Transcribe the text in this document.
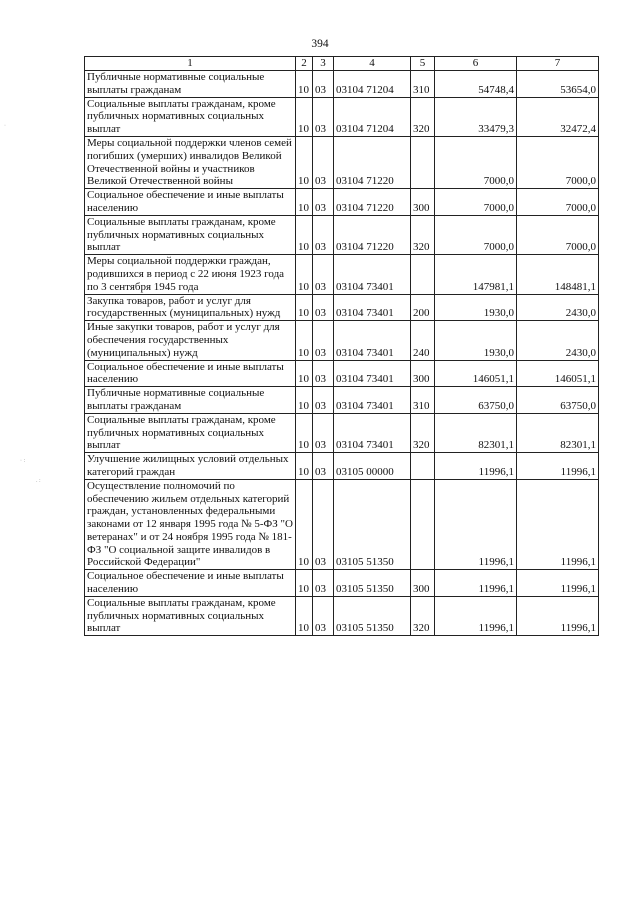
394
1	2	3	4	5	6	7
Публичные нормативные социальные выплаты гражданам	10	03	03104 71204	310	54748,4	53654,0
Социальные выплаты гражданам, кроме публичных нормативных социальных выплат	10	03	03104 71204	320	33479,3	32472,4
Меры социальной поддержки членов семей погибших (умерших) инвалидов Великой Отечественной войны и участников Великой Отечественной войны	10	03	03104 71220		7000,0	7000,0
Социальное обеспечение и иные выплаты населению	10	03	03104 71220	300	7000,0	7000,0
Социальные выплаты гражданам, кроме публичных нормативных социальных выплат	10	03	03104 71220	320	7000,0	7000,0
Меры социальной поддержки граждан, родившихся в период с 22 июня 1923 года по 3 сентября 1945 года	10	03	03104 73401		147981,1	148481,1
Закупка товаров, работ и услуг для государственных (муниципальных) нужд	10	03	03104 73401	200	1930,0	2430,0
Иные закупки товаров, работ и услуг для обеспечения государственных (муниципальных) нужд	10	03	03104 73401	240	1930,0	2430,0
Социальное обеспечение и иные выплаты населению	10	03	03104 73401	300	146051,1	146051,1
Публичные нормативные социальные выплаты гражданам	10	03	03104 73401	310	63750,0	63750,0
Социальные выплаты гражданам, кроме публичных нормативных социальных выплат	10	03	03104 73401	320	82301,1	82301,1
Улучшение жилищных условий отдельных категорий граждан	10	03	03105 00000		11996,1	11996,1
Осуществление полномочий по обеспечению жильем отдельных категорий граждан, установленных федеральными законами от 12 января 1995 года № 5-ФЗ "О ветеранах" и от 24 ноября 1995 года № 181-ФЗ "О социальной защите инвалидов в Российской Федерации"	10	03	03105 51350		11996,1	11996,1
Социальное обеспечение и иные выплаты населению	10	03	03105 51350	300	11996,1	11996,1
Социальные выплаты гражданам, кроме публичных нормативных социальных выплат	10	03	03105 51350	320	11996,1	11996,1
·
· :
. :
